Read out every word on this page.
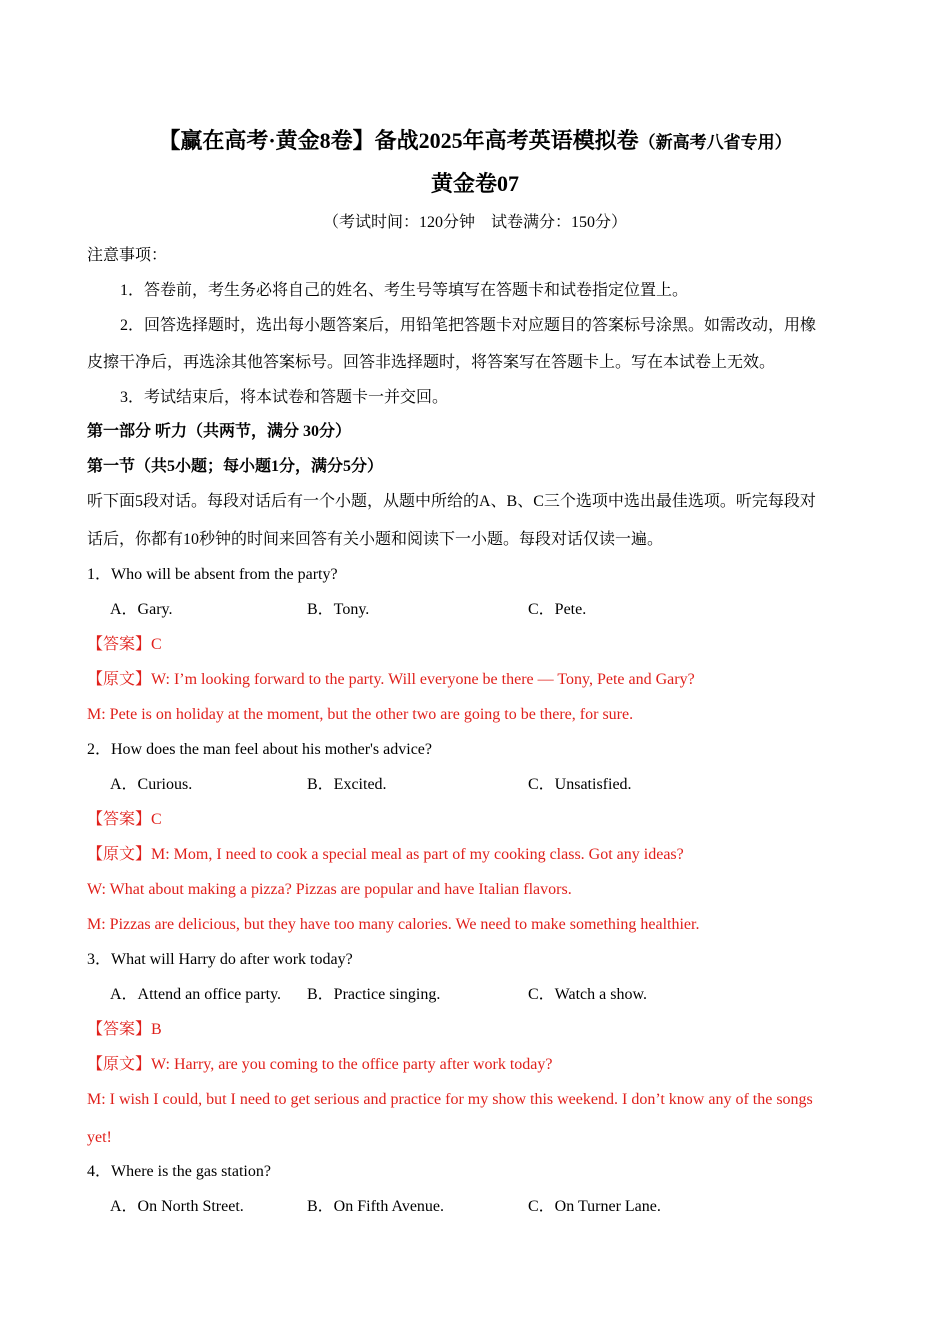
【赢在高考·黄金8卷】备战2025年高考英语模拟卷（新高考八省专用）
黄金卷07
（考试时间：120分钟　试卷满分：150分）
注意事项：
1．答卷前，考生务必将自己的姓名、考生号等填写在答题卡和试卷指定位置上。
2．回答选择题时，选出每小题答案后，用铅笔把答题卡对应题目的答案标号涂黑。如需改动，用橡
皮擦干净后，再选涂其他答案标号。回答非选择题时，将答案写在答题卡上。写在本试卷上无效。
3．考试结束后，将本试卷和答题卡一并交回。
第一部分 听力（共两节，满分 30分）
第一节（共5小题；每小题1分，满分5分）
听下面5段对话。每段对话后有一个小题，从题中所给的A、B、C三个选项中选出最佳选项。听完每段对
话后，你都有10秒钟的时间来回答有关小题和阅读下一小题。每段对话仅读一遍。
1．Who will be absent from the party?
A．Gary.	B．Tony.	C．Pete.
【答案】C
【原文】W: I’m looking forward to the party. Will everyone be there — Tony, Pete and Gary?
M: Pete is on holiday at the moment, but the other two are going to be there, for sure.
2．How does the man feel about his mother's advice?
A．Curious.	B．Excited.	C．Unsatisfied.
【答案】C
【原文】M: Mom, I need to cook a special meal as part of my cooking class. Got any ideas?
W: What about making a pizza? Pizzas are popular and have Italian flavors.
M: Pizzas are delicious, but they have too many calories. We need to make something healthier.
3．What will Harry do after work today?
A．Attend an office party. B．Practice singing.	C．Watch a show.
【答案】B
【原文】W: Harry, are you coming to the office party after work today?
M: I wish I could, but I need to get serious and practice for my show this weekend. I don’t know any of the songs
yet!
4．Where is the gas station?
A．On North Street.	B．On Fifth Avenue.	C．On Turner Lane.
